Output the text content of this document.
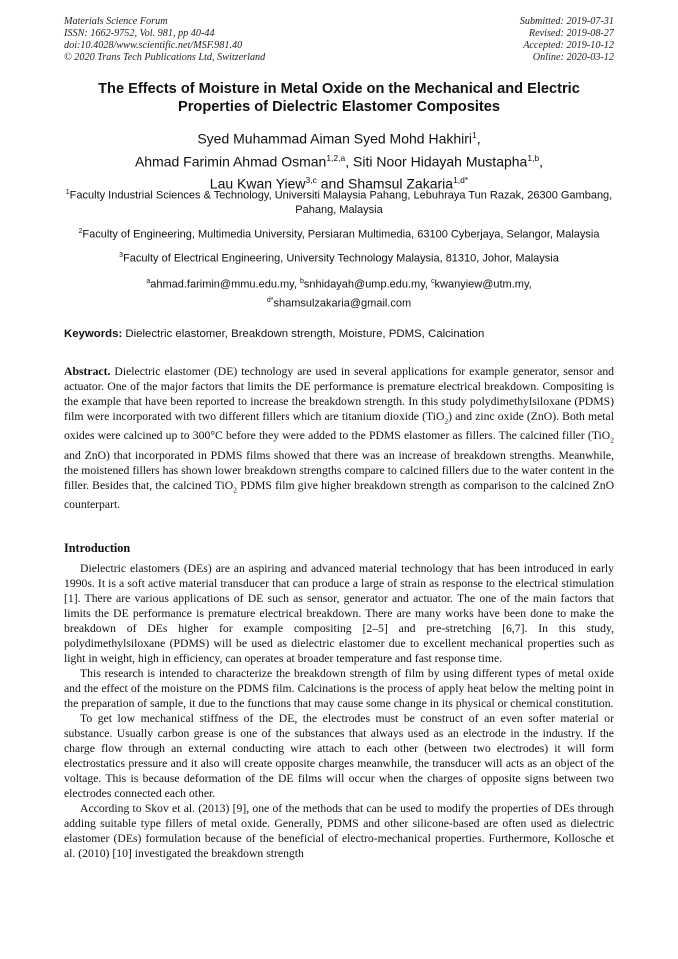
Materials Science Forum
ISSN: 1662-9752, Vol. 981, pp 40-44
doi:10.4028/www.scientific.net/MSF.981.40
© 2020 Trans Tech Publications Ltd, Switzerland
Submitted: 2019-07-31
Revised: 2019-08-27
Accepted: 2019-10-12
Online: 2020-03-12
The Effects of Moisture in Metal Oxide on the Mechanical and Electric
Properties of Dielectric Elastomer Composites
Syed Muhammad Aiman Syed Mohd Hakhiri$^1$,
Ahmad Farimin Ahmad Osman$^{1,2,a}$, Siti Noor Hidayah Mustapha$^{1,b}$,
Lau Kwan Yiew$^{3,c}$ and Shamsul Zakaria$^{1,d*}$
$^1$Faculty Industrial Sciences & Technology, Universiti Malaysia Pahang, Lebuhraya Tun Razak, 26300 Gambang, Pahang, Malaysia
$^2$Faculty of Engineering, Multimedia University, Persiaran Multimedia, 63100 Cyberjaya, Selangor, Malaysia
$^3$Faculty of Electrical Engineering, University Technology Malaysia, 81310, Johor, Malaysia
$^a$ahmad.farimin@mmu.edu.my, $^b$snhidayah@ump.edu.my, $^c$kwanyiew@utm.my,
$^{d*}$shamsulzakaria@gmail.com
Keywords: Dielectric elastomer, Breakdown strength, Moisture, PDMS, Calcination
Abstract. Dielectric elastomer (DE) technology are used in several applications for example generator, sensor and actuator. One of the major factors that limits the DE performance is premature electrical breakdown. Compositing is the example that have been reported to increase the breakdown strength. In this study polydimethylsiloxane (PDMS) film were incorporated with two different fillers which are titanium dioxide (TiO$_2$) and zinc oxide (ZnO). Both metal oxides were calcined up to 300°C before they were added to the PDMS elastomer as fillers. The calcined filler (TiO$_2$ and ZnO) that incorporated in PDMS films showed that there was an increase of breakdown strengths. Meanwhile, the moistened fillers has shown lower breakdown strengths compare to calcined fillers due to the water content in the filler. Besides that, the calcined TiO$_2$ PDMS film give higher breakdown strength as comparison to the calcined ZnO counterpart.
Introduction

Dielectric elastomers (DEs) are an aspiring and advanced material technology that has been introduced in early 1990s. It is a soft active material transducer that can produce a large of strain as response to the electrical stimulation [1]. There are various applications of DE such as sensor, generator and actuator. The one of the main factors that limits the DE performance is premature electrical breakdown. There are many works have been done to make the breakdown of DEs higher for example compositing [2–5] and pre-stretching [6,7]. In this study, polydimethylsiloxane (PDMS) will be used as dielectric elastomer due to excellent mechanical properties such as light in weight, high in efficiency, can operates at broader temperature and fast response time.

This research is intended to characterize the breakdown strength of film by using different types of metal oxide and the effect of the moisture on the PDMS film. Calcinations is the process of apply heat below the melting point in the preparation of sample, it due to the functions that may cause some change in its physical or chemical constitution.

To get low mechanical stiffness of the DE, the electrodes must be construct of an even softer material or substance. Usually carbon grease is one of the substances that always used as an electrode in the industry. If the charge flow through an external conducting wire attach to each other (between two electrodes) it will form electrostatics pressure and it also will create opposite charges meanwhile, the transducer will acts as an object of the voltage. This is because deformation of the DE films will occur when the charges of opposite signs between two electrodes connected each other.

According to Skov et al. (2013) [9], one of the methods that can be used to modify the properties of DEs through adding suitable type fillers of metal oxide. Generally, PDMS and other silicone-based are often used as dielectric elastomer (DEs) formulation because of the beneficial of electro-mechanical properties. Furthermore, Kollosche et al. (2010) [10] investigated the breakdown strength
